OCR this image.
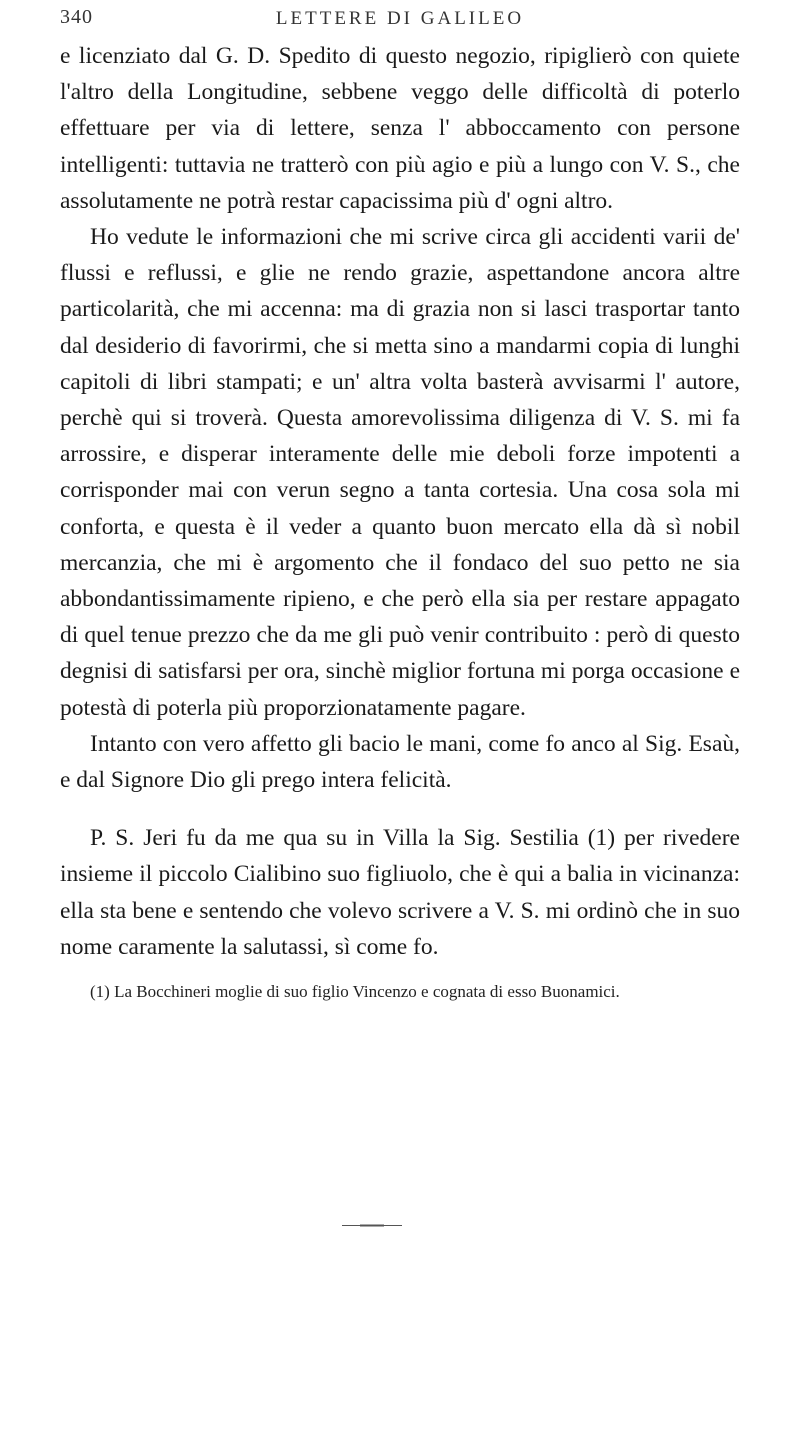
340	LETTERE DI GALILEO

e licenziato dal G. D. Spedito di questo negozio, ripiglierò con quiete l'altro della Longitudine, sebbene veggo delle difficoltà di poterlo effettuare per via di lettere, senza l' abboccamento con persone intelligenti: tuttavia ne tratterò con più agio e più a lungo con V. S., che assolutamente ne potrà restar capacissima più d' ogni altro.

Ho vedute le informazioni che mi scrive circa gli accidenti varii de' flussi e reflussi, e glie ne rendo grazie, aspettandone ancora altre particolarità, che mi accenna: ma di grazia non si lasci trasportar tanto dal desiderio di favorirmi, che si metta sino a mandarmi copia di lunghi capitoli di libri stampati; e un' altra volta basterà avvisarmi l' autore, perchè qui si troverà. Questa amorevolissima diligenza di V. S. mi fa arrossire, e disperar interamente delle mie deboli forze impotenti a corrisponder mai con verun segno a tanta cortesia. Una cosa sola mi conforta, e questa è il veder a quanto buon mercato ella dà sì nobil mercanzia, che mi è argomento che il fondaco del suo petto ne sia abbondantissimamente ripieno, e che però ella sia per restare appagato di quel tenue prezzo che da me gli può venir contribuito : però di questo degnisi di satisfarsi per ora, sinchè miglior fortuna mi porga occasione e potestà di poterla più proporzionatamente pagare.

Intanto con vero affetto gli bacio le mani, come fo anco al Sig. Esaù, e dal Signore Dio gli prego intera felicità.

P. S. Jeri fu da me qua su in Villa la Sig. Sestilia (1) per rivedere insieme il piccolo Cialibino suo figliuolo, che è qui a balia in vicinanza: ella sta bene e sentendo che volevo scrivere a V. S. mi ordinò che in suo nome caramente la salutassi, sì come fo.

(1) La Bocchineri moglie di suo figlio Vincenzo e cognata di esso Buonamici.
